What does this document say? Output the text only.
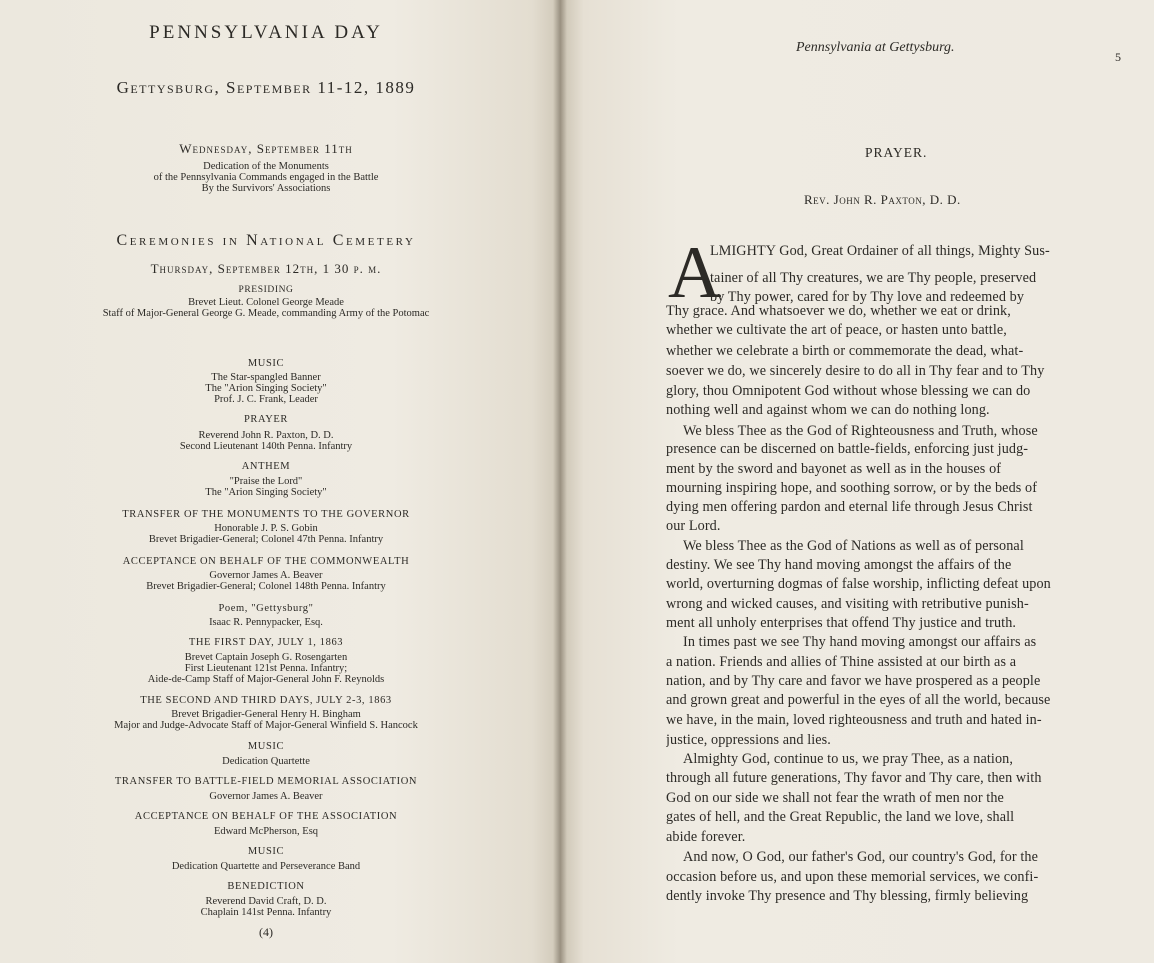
PENNSYLVANIA DAY
Gettysburg, September 11-12, 1889
Wednesday, September 11th
Dedication of the Monuments
of the Pennsylvania Commands engaged in the Battle
By the Survivors' Associations
Ceremonies in National Cemetery
Thursday, September 12th, 1 30 p. m.
PRESIDING
Brevet Lieut. Colonel George Meade
Staff of Major-General George G. Meade, commanding Army of the Potomac
MUSIC
The Star-spangled Banner
The "Arion Singing Society"
Prof. J. C. Frank, Leader
PRAYER
Reverend John R. Paxton, D. D.
Second Lieutenant 140th Penna. Infantry
ANTHEM
"Praise the Lord"
The "Arion Singing Society"
TRANSFER OF THE MONUMENTS TO THE GOVERNOR
Honorable J. P. S. Gobin
Brevet Brigadier-General; Colonel 47th Penna. Infantry
ACCEPTANCE ON BEHALF OF THE COMMONWEALTH
Governor James A. Beaver
Brevet Brigadier-General; Colonel 148th Penna. Infantry
Poem, "Gettysburg"
Isaac R. Pennypacker, Esq.
THE FIRST DAY, JULY 1, 1863
Brevet Captain Joseph G. Rosengarten
First Lieutenant 121st Penna. Infantry;
Aide-de-Camp Staff of Major-General John F. Reynolds
THE SECOND AND THIRD DAYS, JULY 2-3, 1863
Brevet Brigadier-General Henry H. Bingham
Major and Judge-Advocate Staff of Major-General Winfield S. Hancock
MUSIC
Dedication Quartette
TRANSFER TO BATTLE-FIELD MEMORIAL ASSOCIATION
Governor James A. Beaver
ACCEPTANCE ON BEHALF OF THE ASSOCIATION
Edward McPherson, Esq
MUSIC
Dedication Quartette and Perseverance Band
BENEDICTION
Reverend David Craft, D. D.
Chaplain 141st Penna. Infantry
(4)
Pennsylvania at Gettysburg.
5
PRAYER.
Rev. John R. Paxton, D. D.
A
LMIGHTY God, Great Ordainer of all things, Mighty Sus-
tainer of all Thy creatures, we are Thy people, preserved
by Thy power, cared for by Thy love and redeemed by
Thy grace. And whatsoever we do, whether we eat or drink,
whether we cultivate the art of peace, or hasten unto battle,
whether we celebrate a birth or commemorate the dead, what-
soever we do, we sincerely desire to do all in Thy fear and to Thy
glory, thou Omnipotent God without whose blessing we can do
nothing well and against whom we can do nothing long.
We bless Thee as the God of Righteousness and Truth, whose
presence can be discerned on battle-fields, enforcing just judg-
ment by the sword and bayonet as well as in the houses of
mourning inspiring hope, and soothing sorrow, or by the beds of
dying men offering pardon and eternal life through Jesus Christ
our Lord.
We bless Thee as the God of Nations as well as of personal
destiny. We see Thy hand moving amongst the affairs of the
world, overturning dogmas of false worship, inflicting defeat upon
wrong and wicked causes, and visiting with retributive punish-
ment all unholy enterprises that offend Thy justice and truth.
In times past we see Thy hand moving amongst our affairs as
a nation. Friends and allies of Thine assisted at our birth as a
nation, and by Thy care and favor we have prospered as a people
and grown great and powerful in the eyes of all the world, because
we have, in the main, loved righteousness and truth and hated in-
justice, oppressions and lies.
Almighty God, continue to us, we pray Thee, as a nation,
through all future generations, Thy favor and Thy care, then with
God on our side we shall not fear the wrath of men nor the
gates of hell, and the Great Republic, the land we love, shall
abide forever.
And now, O God, our father's God, our country's God, for the
occasion before us, and upon these memorial services, we confi-
dently invoke Thy presence and Thy blessing, firmly believing
